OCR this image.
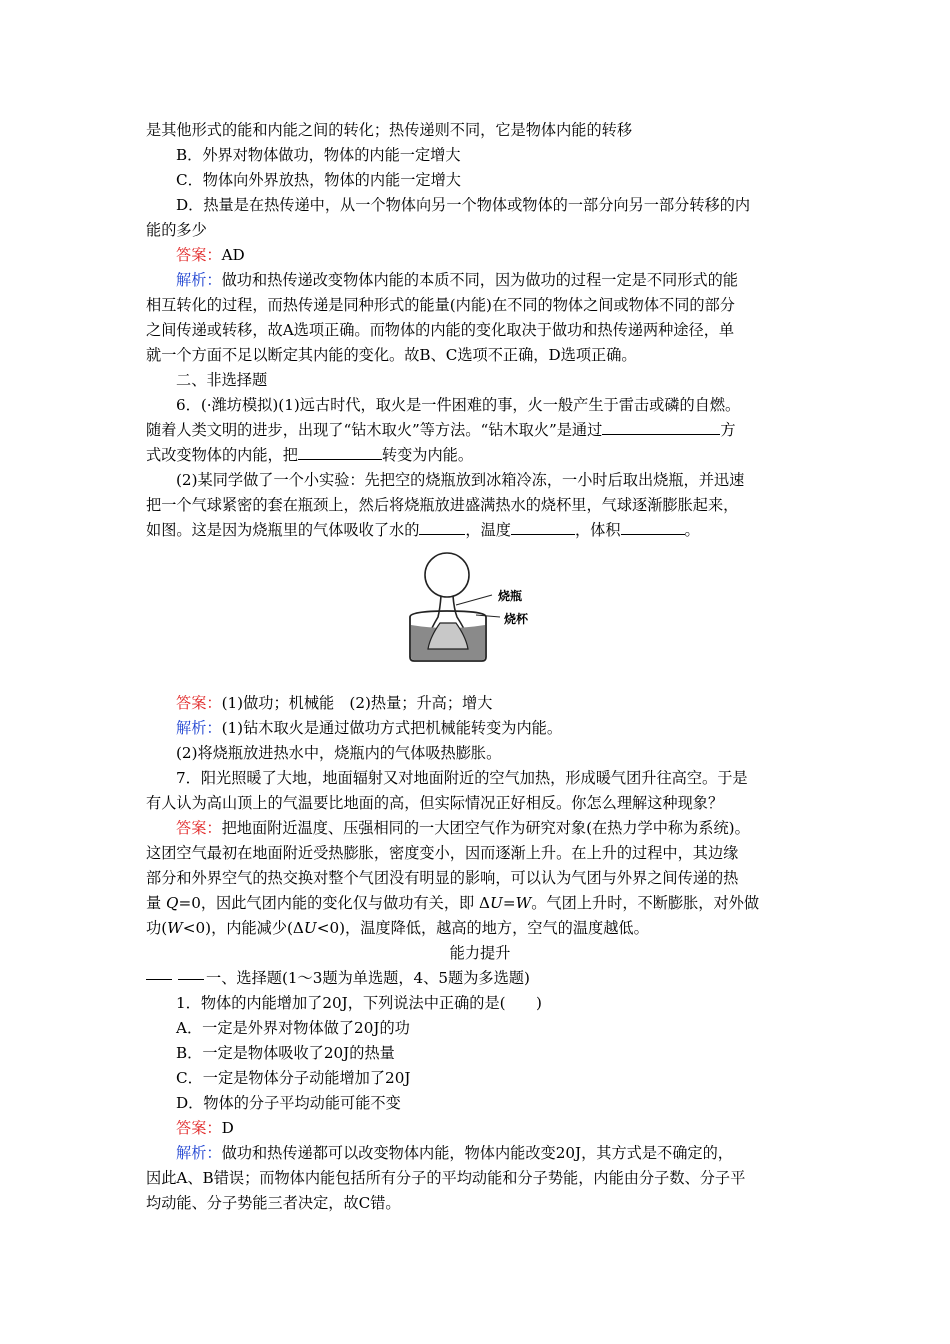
是其他形式的能和内能之间的转化；热传递则不同，它是物体内能的转移

B．外界对物体做功，物体的内能一定增大

C．物体向外界放热，物体的内能一定增大

D．热量是在热传递中，从一个物体向另一个物体或物体的一部分向另一部分转移的内

能的多少

答案：AD

解析：做功和热传递改变物体内能的本质不同，因为做功的过程一定是不同形式的能

相互转化的过程，而热传递是同种形式的能量(内能)在不同的物体之间或物体不同的部分

之间传递或转移，故A选项正确。而物体的内能的变化取决于做功和热传递两种途径，单

就一个方面不足以断定其内能的变化。故B、C选项不正确，D选项正确。

二、非选择题

6．(·潍坊模拟)(1)远古时代，取火是一件困难的事，火一般产生于雷击或磷的自燃。

随着人类文明的进步，出现了“钻木取火”等方法。“钻木取火”是通过	方

式改变物体的内能，把	转变为内能。

(2)某同学做了一个小实验：先把空的烧瓶放到冰箱冷冻，一小时后取出烧瓶，并迅速

把一个气球紧密的套在瓶颈上，然后将烧瓶放进盛满热水的烧杯里，气球逐渐膨胀起来，

如图。这是因为烧瓶里的气体吸收了水的	，温度	，体积	。

烧瓶
烧杯

答案：(1)做功；机械能　(2)热量；升高；增大

解析：(1)钻木取火是通过做功方式把机械能转变为内能。

(2)将烧瓶放进热水中，烧瓶内的气体吸热膨胀。

7．阳光照暖了大地，地面辐射又对地面附近的空气加热，形成暖气团升往高空。于是

有人认为高山顶上的气温要比地面的高，但实际情况正好相反。你怎么理解这种现象？

答案：把地面附近温度、压强相同的一大团空气作为研究对象(在热力学中称为系统)。

这团空气最初在地面附近受热膨胀，密度变小，因而逐渐上升。在上升的过程中，其边缘

部分和外界空气的热交换对整个气团没有明显的影响，可以认为气团与外界之间传递的热

量 Q=0，因此气团内能的变化仅与做功有关，即 ΔU=W。气团上升时，不断膨胀，对外做

功(W<0)，内能减少(ΔU<0)，温度降低，越高的地方，空气的温度越低。

能力提升

一、选择题(1～3题为单选题，4、5题为多选题)

1．物体的内能增加了20J，下列说法中正确的是(　　)

A．一定是外界对物体做了20J的功

B．一定是物体吸收了20J的热量

C．一定是物体分子动能增加了20J

D．物体的分子平均动能可能不变

答案：D

解析：做功和热传递都可以改变物体内能，物体内能改变20J，其方式是不确定的，

因此A、B错误；而物体内能包括所有分子的平均动能和分子势能，内能由分子数、分子平

均动能、分子势能三者决定，故C错。
